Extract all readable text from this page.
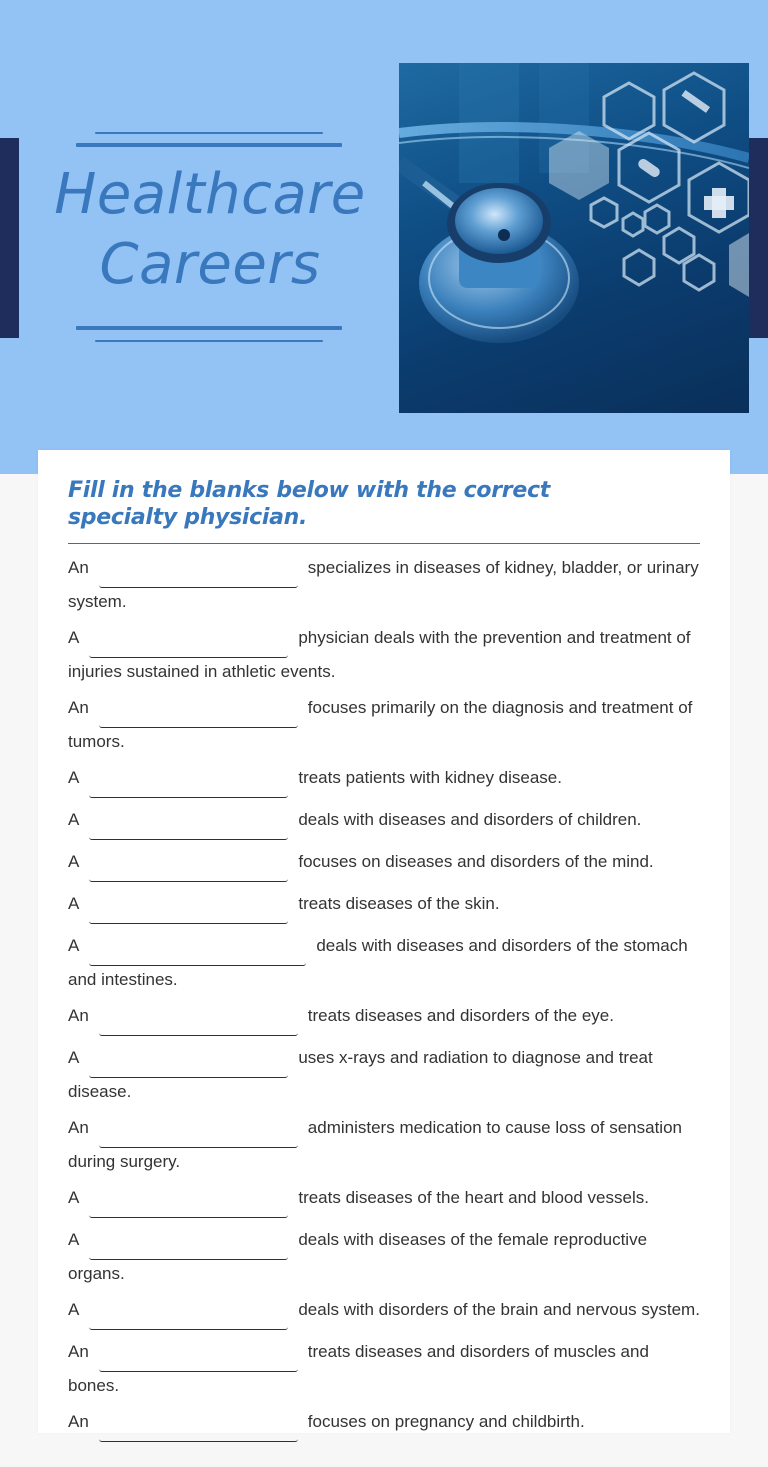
Healthcare
Careers
Fill in the blanks below with the correct specialty physician.
An	specializes in diseases of kidney, bladder, or urinary system.
A	physician deals with the prevention and treatment of injuries sustained in athletic events.
An	focuses primarily on the diagnosis and treatment of tumors.
A	treats patients with kidney disease.
A	deals with diseases and disorders of children.
A	focuses on diseases and disorders of the mind.
A	treats diseases of the skin.
A	deals with diseases and disorders of the stomach and intestines.
An	treats diseases and disorders of the eye.
A	uses x-rays and radiation to diagnose and treat disease.
An	administers medication to cause loss of sensation during surgery.
A	treats diseases of the heart and blood vessels.
A	deals with diseases of the female reproductive organs.
A	deals with disorders of the brain and nervous system.
An	treats diseases and disorders of muscles and bones.
An	focuses on pregnancy and childbirth.
